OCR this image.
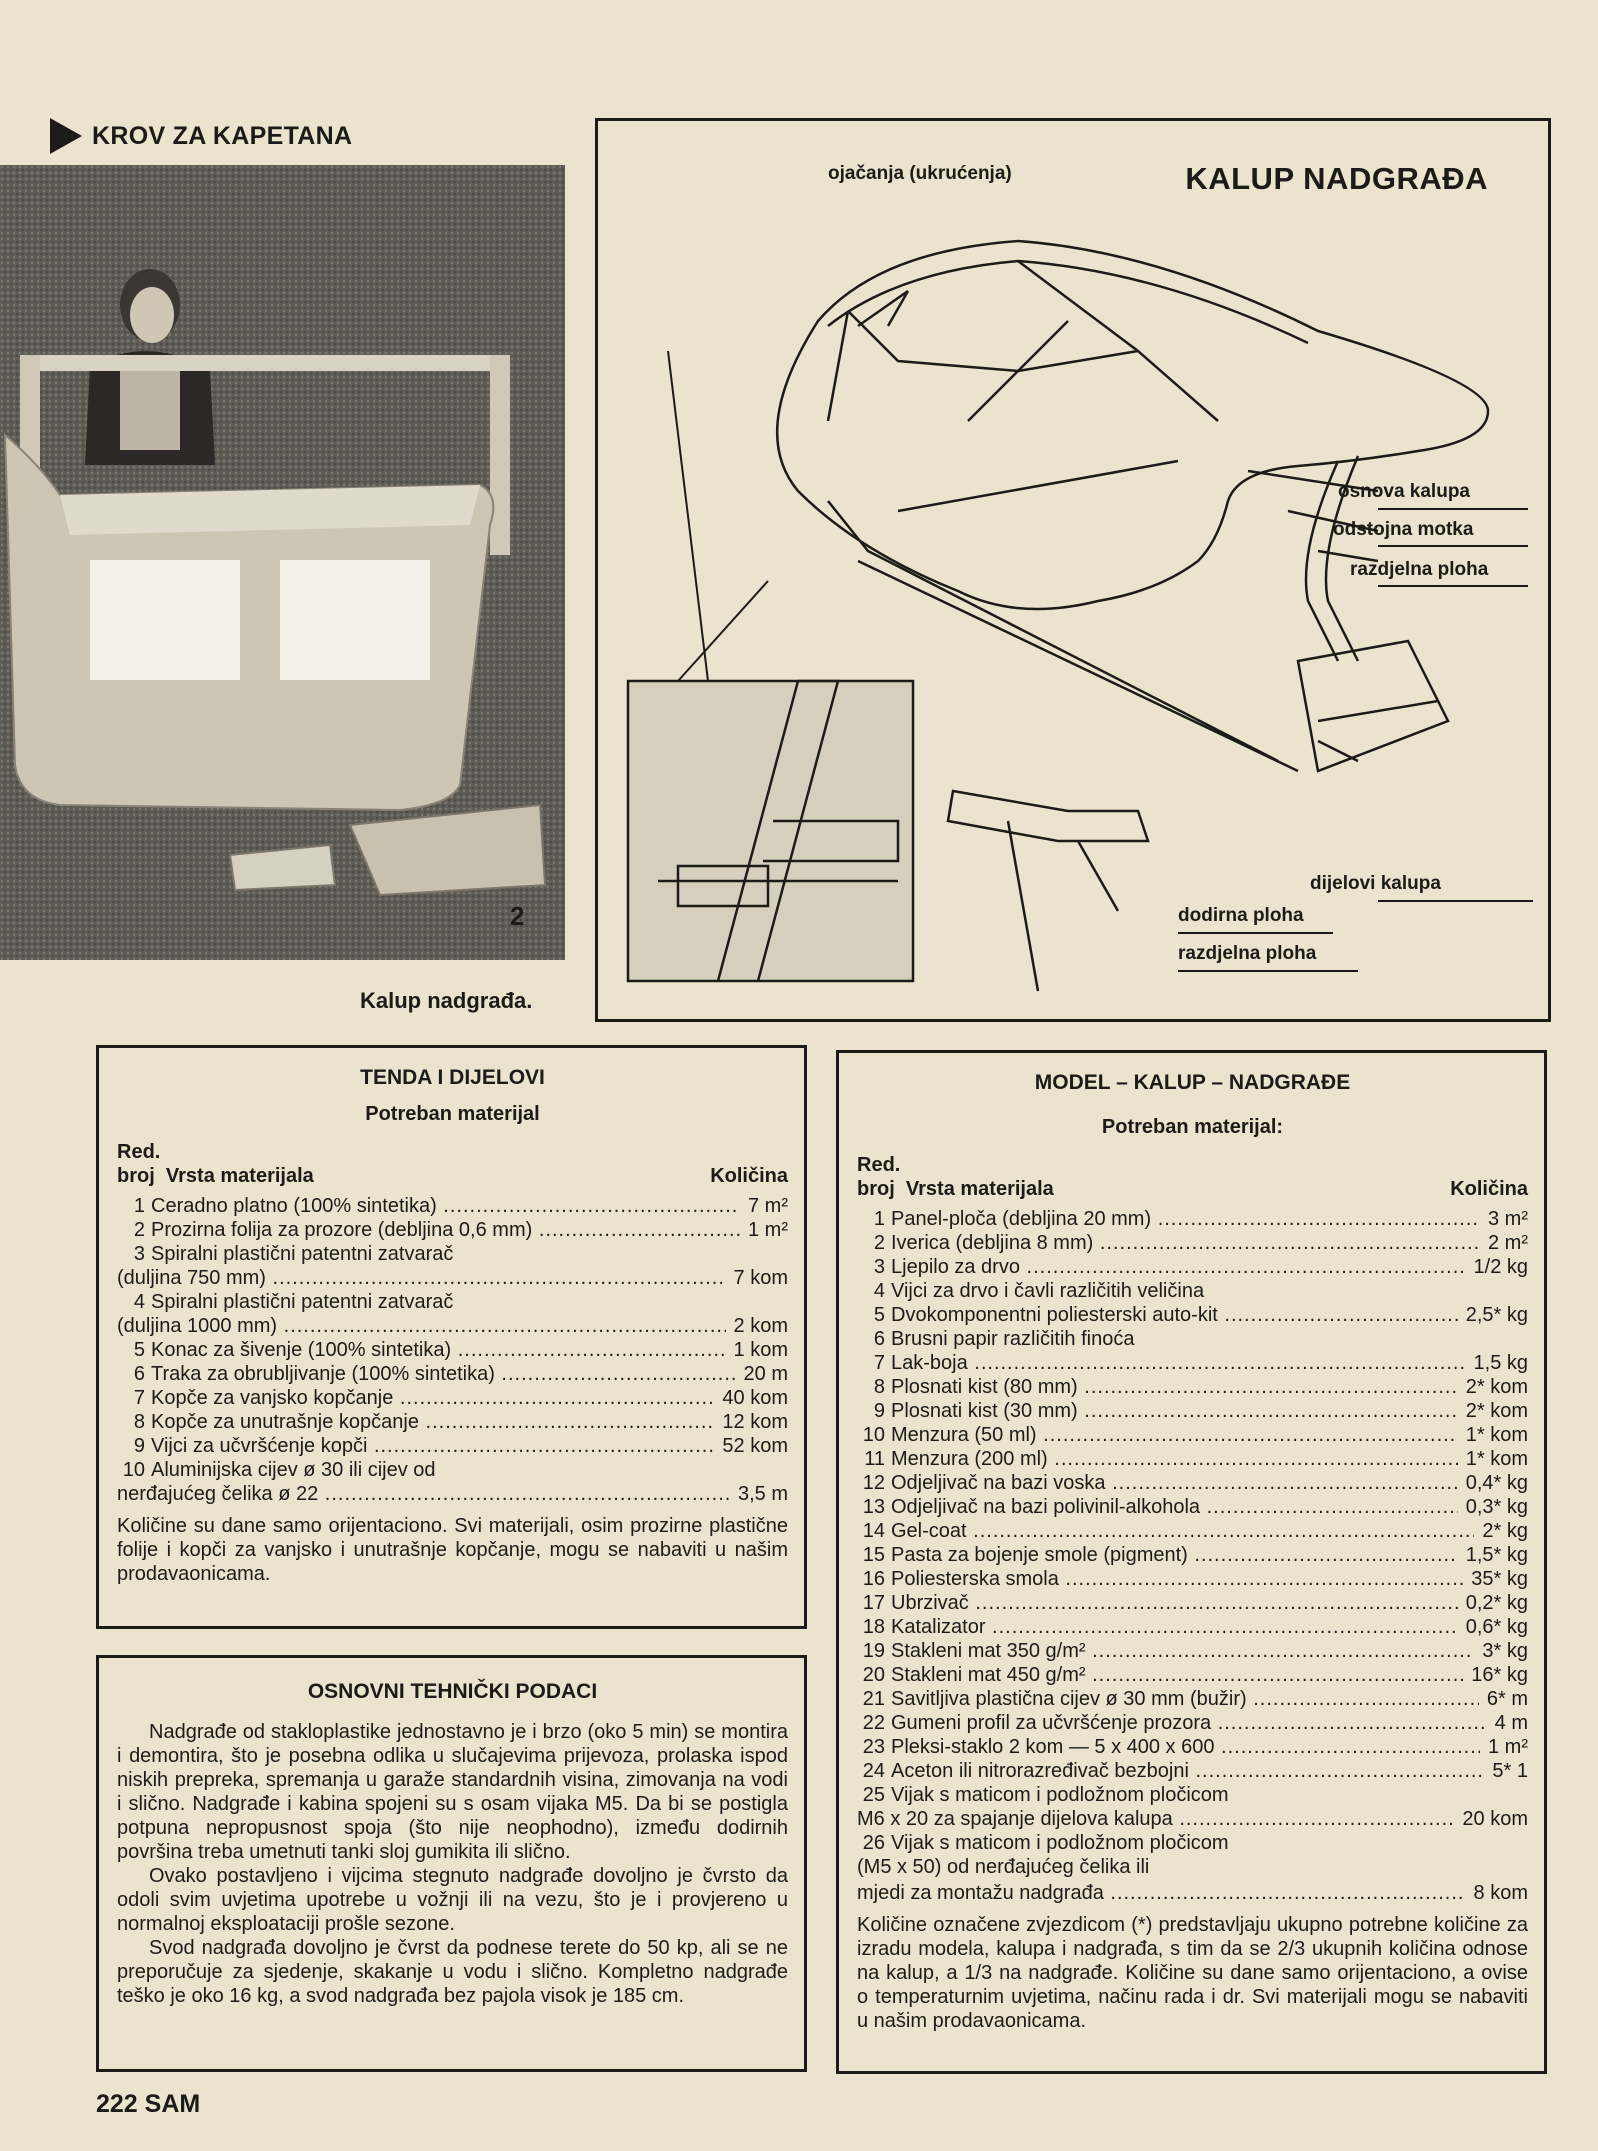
KROV ZA KAPETANA
2
Kalup nadgrađa.
KALUP NADGRAĐA
ojačanja (ukrućenja)
osnova kalupa
odstojna motka
razdjelna ploha
dijelovi kalupa
dodirna ploha
razdjelna ploha
TENDA I DIJELOVI
Potreban materijal
Red.
broj Vrsta materijala	Količina
1 Ceradno platno (100% sintetika) .....	7 m²
2 Prozirna folija za prozore (debljina 0,6 mm) .....	1 m²
3 Spiralni plastični patentni zatvarač
(duljina 750 mm) .....	7 kom
4 Spiralni plastični patentni zatvarač
(duljina 1000 mm) .....	2 kom
5 Konac za šivenje (100% sintetika) .....	1 kom
6 Traka za obrubljivanje (100% sintetika) .....	20 m
7 Kopče za vanjsko kopčanje .....	40 kom
8 Kopče za unutrašnje kopčanje .....	12 kom
9 Vijci za učvršćenje kopči .....	52 kom
10 Aluminijska cijev ø 30 ili cijev od
nerđajućeg čelika ø 22 .....	3,5 m
Količine su dane samo orijentaciono. Svi materijali, osim prozirne plastične folije i kopči za vanjsko i unutrašnje kopčanje, mogu se nabaviti u našim prodavaonicama.
OSNOVNI TEHNIČKI PODACI

Nadgrađe od stakloplastike jednostavno je i brzo (oko 5 min) se montira i demontira, što je posebna odlika u slučajevima prijevoza, prolaska ispod niskih prepreka, spremanja u garaže standardnih visina, zimovanja na vodi i slično. Nadgrađe i kabina spojeni su s osam vijaka M5. Da bi se postigla potpuna nepropusnost spoja (što nije neophodno), između dodirnih površina treba umetnuti tanki sloj gumikita ili slično.

Ovako postavljeno i vijcima stegnuto nadgrađe dovoljno je čvrsto da odoli svim uvjetima upotrebe u vožnji ili na vezu, što je i provjereno u normalnoj eksploataciji prošle sezone.

Svod nadgrađa dovoljno je čvrst da podnese terete do 50 kp, ali se ne preporučuje za sjedenje, skakanje u vodu i slično. Kompletno nadgrađe teško je oko 16 kg, a svod nadgrađa bez pajola visok je 185 cm.

MODEL – KALUP – NADGRAĐE
Potreban materijal:
Red.
broj Vrsta materijala	Količina
1 Panel-ploča (debljina 20 mm) .....	3 m²
2 Iverica (debljina 8 mm) .....	2 m²
3 Ljepilo za drvo .....	1/2 kg
4 Vijci za drvo i čavli različitih veličina
5 Dvokomponentni poliesterski auto-kit .....	2,5* kg
6 Brusni papir različitih finoća
7 Lak-boja .....	1,5 kg
8 Plosnati kist (80 mm) .....	2* kom
9 Plosnati kist (30 mm) .....	2* kom
10 Menzura (50 ml) .....	1* kom
11 Menzura (200 ml) .....	1* kom
12 Odjeljivač na bazi voska .....	0,4* kg
13 Odjeljivač na bazi polivinil-alkohola .....	0,3* kg
14 Gel-coat .....	2* kg
15 Pasta za bojenje smole (pigment) .....	1,5* kg
16 Poliesterska smola .....	35* kg
17 Ubrzivač .....	0,2* kg
18 Katalizator .....	0,6* kg
19 Stakleni mat 350 g/m² .....	3* kg
20 Stakleni mat 450 g/m² .....	16* kg
21 Savitljiva plastična cijev ø 30 mm (bužir) .....	6* m
22 Gumeni profil za učvršćenje prozora .....	4 m
23 Pleksi-staklo 2 kom — 5 x 400 x 600 .....	1 m²
24 Aceton ili nitrorazređivač bezbojni .....	5* 1
25 Vijak s maticom i podložnom pločicom
M6 x 20 za spajanje dijelova kalupa .....	20 kom
26 Vijak s maticom i podložnom pločicom
(M5 x 50) od nerđajućeg čelika ili
mjedi za montažu nadgrađa .....	8 kom
Količine označene zvjezdicom (*) predstavljaju ukupno potrebne količine za izradu modela, kalupa i nadgrađa, s tim da se 2/3 ukupnih količina odnose na kalup, a 1/3 na nadgrađe. Količine su dane samo orijentaciono, a ovise o temperaturnim uvjetima, načinu rada i dr. Svi materijali mogu se nabaviti u našim prodavaonicama.
222 SAM
